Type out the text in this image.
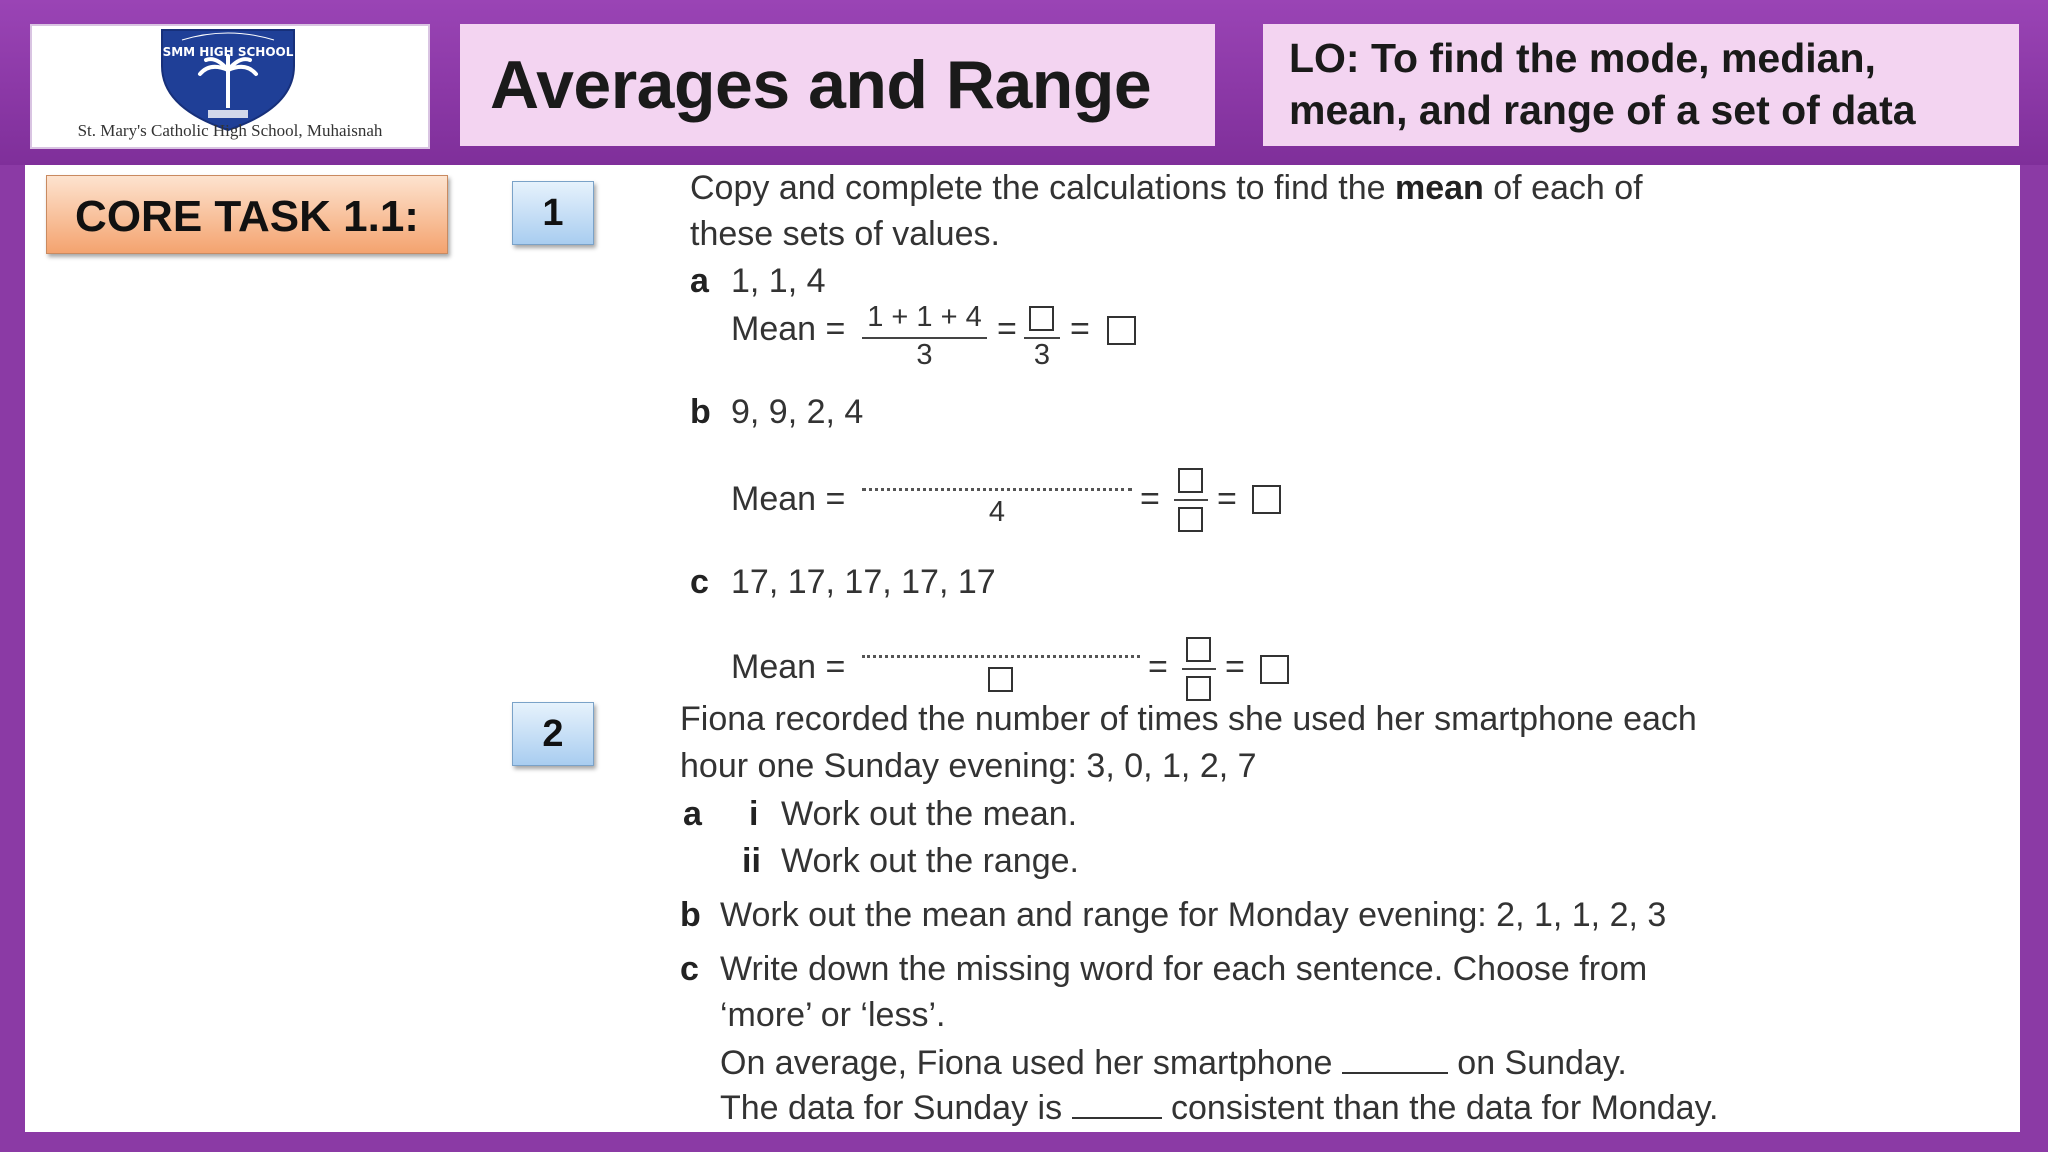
SMM HIGH SCHOOL
St. Mary's Catholic High School, Muhaisnah
Averages and Range	LO: To find the mode, median,
mean, and range of a set of data
CORE TASK 1.1:	1
Copy and complete the calculations to find the mean of each of
these sets of values.
a 1, 1, 4
Mean = 1 + 1 + 4
3
=
3
=
b 9, 9, 2, 4
Mean =	4	= =
c 17, 17, 17, 17, 17
Mean =	= =
2	Fiona recorded the number of times she used her smartphone each
hour one Sunday evening: 3, 0, 1, 2, 7
a i Work out the mean.
ii Work out the range.
b Work out the mean and range for Monday evening: 2, 1, 1, 2, 3
c Write down the missing word for each sentence. Choose from
‘more’ or ‘less’.
On average, Fiona used her smartphone	on Sunday.
The data for Sunday is	consistent than the data for Monday.
